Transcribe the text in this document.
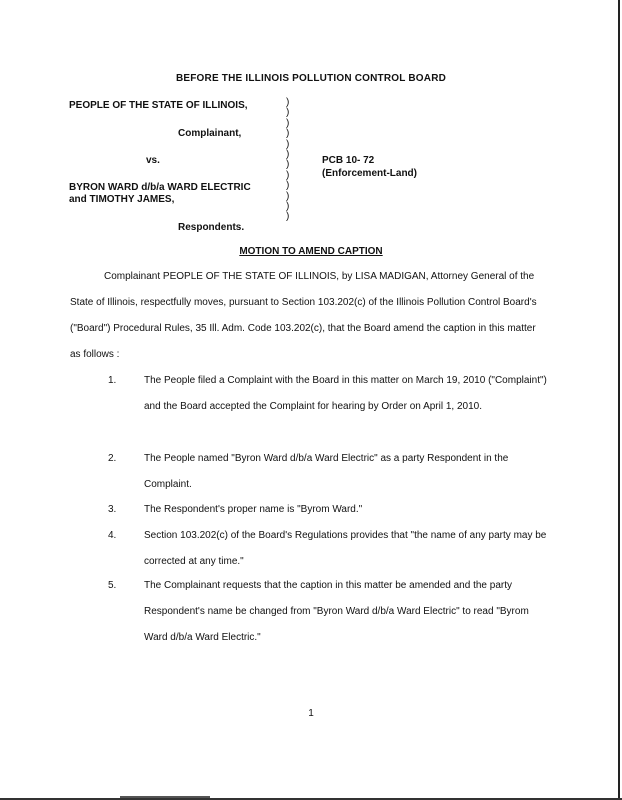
BEFORE THE ILLINOIS POLLUTION CONTROL BOARD
PEOPLE OF THE STATE OF ILLINOIS,
Complainant,
vs.
BYRON WARD d/b/a WARD ELECTRIC
and TIMOTHY JAMES,
Respondents.
)
)
)
)
)
)
)
)
)
)
)
)
PCB 10- 72
(Enforcement-Land)
MOTION TO AMEND CAPTION

Complainant PEOPLE OF THE STATE OF ILLINOIS, by LISA MADIGAN, Attorney General of the State of Illinois, respectfully moves, pursuant to Section 103.202(c) of the Illinois Pollution Control Board's ("Board") Procedural Rules, 35 Ill. Adm. Code 103.202(c), that the Board amend the caption in this matter as follows :

1.	The People filed a Complaint with the Board in this matter on March 19, 2010 ("Complaint") and the Board accepted the Complaint for hearing by Order on April 1, 2010.
2.	The People named "Byron Ward d/b/a Ward Electric" as a party Respondent in the Complaint.
3.	The Respondent's proper name is "Byrom Ward."
4.	Section 103.202(c) of the Board's Regulations provides that "the name of any party may be corrected at any time."
5.	The Complainant requests that the caption in this matter be amended and the party Respondent's name be changed from "Byron Ward d/b/a Ward Electric" to read "Byrom Ward d/b/a Ward Electric."
1
